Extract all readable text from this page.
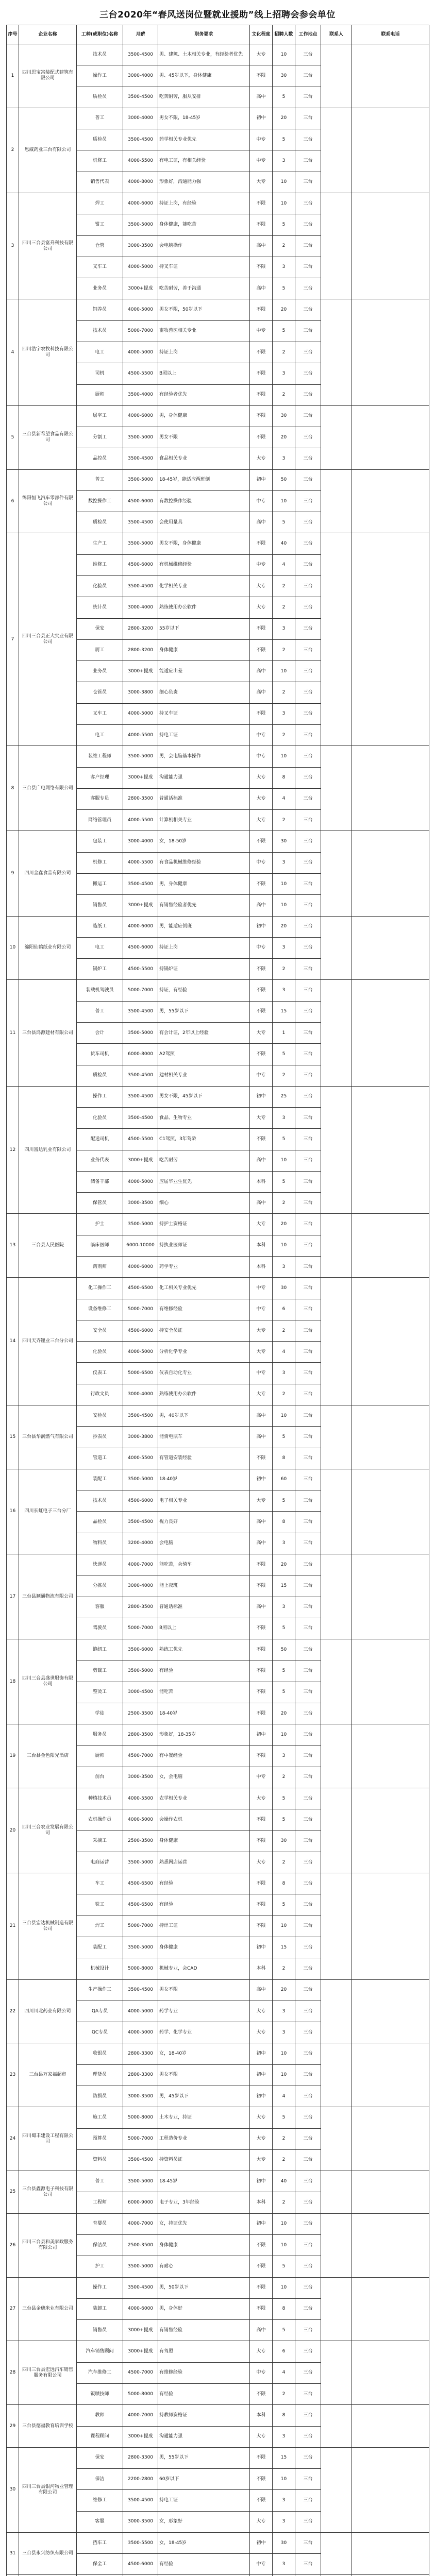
三台2020年“春风送岗位暨就业援助”线上招聘会参会单位
序号	企业名称	工种(或职位)名称	月薪	职务要求	文化程度	招聘人数	工作地点	联系人	联系电话
1	四川思宝富装配式建筑有限公司	技术员	3500-4500	男、建筑、土木相关专业，有经验者优先	大专	10	三台		
		操作工	3000-4000	男、45岁以下，身体健康	不限	30	三台		
		质检员	3500-4500	吃苦耐劳，服从安排	高中	5	三台		
2	恩威药业三台有限公司	普工	3000-4000	男女不限，18-45岁	初中	20	三台		
		质检员	3500-4500	药学相关专业优先	中专	5	三台		
		机修工	4000-5500	有电工证，有相关经验	中专	3	三台		
		销售代表	4000-8000	形象好，沟通能力强	大专	10	三台		
3	四川三台县富升科技有限公司	焊工	4000-6000	持证上岗，有经验	不限	10	三台		
		钳工	3500-5000	身体健康，能吃苦	不限	5	三台		
		仓管	3000-3500	会电脑操作	高中	2	三台		
		叉车工	4000-5000	持叉车证	不限	3	三台		
		业务员	3000+提成	吃苦耐劳，善于沟通	高中	5	三台		
4	四川浩宇农牧科技有限公司	饲养员	4000-5000	男女不限，50岁以下	不限	20	三台		
		技术员	5000-7000	畜牧兽医相关专业	中专	5	三台		
		电工	4000-5000	持证上岗	不限	2	三台		
		司机	4500-5500	B照以上	不限	3	三台		
		厨师	3500-4000	有经验者优先	不限	2	三台		
5	三台县新希望食品有限公司	屠宰工	4000-6000	男，身体健康	不限	30	三台		
		分割工	3500-5000	男女不限	不限	20	三台		
		品控员	3500-4500	食品相关专业	大专	3	三台		
6	绵阳恒飞汽车零部件有限公司	普工	3500-5000	18-45岁，能适应两班倒	初中	50	三台		
		数控操作工	4500-6000	有数控操作经验	中专	10	三台		
		质检员	3500-4500	会使用量具	高中	5	三台		
7	四川三台县正大实业有限公司	生产工	3500-5000	男女不限，身体健康	不限	40	三台		
		维修工	4500-6000	有机械维修经验	中专	4	三台		
		化验员	3500-4500	化学相关专业	大专	2	三台		
		统计员	3000-4000	熟练使用办公软件	大专	2	三台		
		保安	2800-3200	55岁以下	不限	3	三台		
		厨工	2800-3200	身体健康	不限	2	三台		
		业务员	3000+提成	能适应出差	高中	10	三台		
		仓管员	3000-3800	细心负责	高中	2	三台		
		叉车工	4000-5000	持叉车证	不限	3	三台		
		电工	4000-5500	持电工证	中专	2	三台		
8	三台县广电网络有限公司	装维工程师	3500-5000	男，会电脑基本操作	中专	10	三台		
		客户经理	3000+提成	沟通能力强	大专	8	三台		
		客服专员	2800-3500	普通话标准	大专	4	三台		
		网络管理员	4000-5500	计算机相关专业	大专	2	三台		
9	四川金鑫食品有限公司	包装工	3000-4000	女，18-50岁	不限	30	三台		
		机修工	4000-5500	有食品机械维修经验	中专	3	三台		
		搬运工	3500-4500	男，身体健康	不限	10	三台		
		销售员	3000+提成	有销售经验者优先	高中	10	三台		
10	绵阳仙鹤纸业有限公司	造纸工	4000-6000	男，能适应倒班	初中	20	三台		
		电工	4500-6000	持证上岗	中专	3	三台		
		锅炉工	4500-5500	持锅炉证	不限	2	三台		
11	三台县鸿源建材有限公司	装载机驾驶员	5000-7000	持证，有经验	不限	3	三台		
		普工	3500-4500	男，55岁以下	不限	15	三台		
		会计	3500-5000	有会计证，2年以上经验	大专	1	三台		
		货车司机	6000-8000	A2驾照	不限	5	三台		
		质检员	3500-4500	建材相关专业	中专	2	三台		
12	四川富达乳业有限公司	操作工	3500-4500	男女不限，45岁以下	初中	25	三台		
		化验员	3500-4500	食品、生物专业	大专	3	三台		
		配送司机	4500-5500	C1驾照，3年驾龄	不限	5	三台		
		业务代表	3000+提成	吃苦耐劳	高中	10	三台		
		储备干部	4000-5000	应届毕业生优先	本科	5	三台		
		保管员	3000-3500	细心	高中	2	三台		
13	三台县人民医院	护士	3500-5000	持护士资格证	大专	20	三台		
		临床医师	6000-10000	持执业医师证	本科	10	三台		
		药剂师	4000-6000	药学专业	本科	3	三台		
14	四川天齐锂业三台分公司	化工操作工	4500-6500	化工相关专业优先	中专	30	三台		
		设备维修工	5000-7000	有维修经验	中专	6	三台		
		安全员	4500-6000	持安全员证	大专	2	三台		
		化验员	4000-5000	分析化学专业	大专	4	三台		
		仪表工	5000-6500	仪表自动化专业	中专	3	三台		
		行政文员	3000-4000	熟练使用办公软件	大专	2	三台		
15	三台县华润燃气有限公司	安检员	3500-4500	男，40岁以下	高中	10	三台		
		抄表员	3000-3800	能骑电瓶车	高中	5	三台		
		管道工	4000-5500	有管道安装经验	不限	8	三台		
16	四川长虹电子三台分厂	装配工	3500-5000	18-40岁	初中	60	三台		
		技术员	4500-6000	电子相关专业	大专	5	三台		
		品检员	3500-4500	视力良好	高中	8	三台		
		物料员	3200-4000	会电脑	高中	3	三台		
17	三台县顺通物流有限公司	快递员	4000-7000	能吃苦，会骑车	不限	20	三台		
		分拣员	3000-4000	能上夜班	不限	15	三台		
		客服	2800-3500	普通话标准	高中	3	三台		
		驾驶员	5000-7000	B照以上	不限	5	三台		
18	四川三台县盛世服饰有限公司	缝纫工	3500-6000	熟练工优先	不限	50	三台		
		剪裁工	3500-5000	有经验	不限	5	三台		
		整烫工	3000-4500	能吃苦	不限	5	三台		
		学徒	2500-3500	18-40岁	不限	20	三台		
19	三台县金色阳光酒店	服务员	2800-3500	形象好，18-35岁	初中	10	三台		
		厨师	4500-7000	有中餐经验	不限	3	三台		
		前台	3000-3500	女，会电脑	中专	2	三台		
20	四川三台农业发展有限公司	种植技术员	4000-5500	农学相关专业	大专	5	三台		
		农机操作员	4000-5000	会操作农机	不限	5	三台		
		采摘工	2500-3500	身体健康	不限	30	三台		
		电商运营	3500-5000	熟悉网店运营	大专	2	三台		
21	三台县宏达机械制造有限公司	车工	4500-6500	有经验	不限	8	三台		
		铣工	4500-6500	有经验	不限	5	三台		
		焊工	5000-7000	持焊工证	不限	10	三台		
		装配工	3500-5000	身体健康	初中	15	三台		
		机械设计	5000-8000	机械专业，会CAD	本科	2	三台		
22	四川川北药业有限公司	生产操作工	3500-4500	男女不限	高中	20	三台		
		QA专员	4000-5000	药学专业	大专	3	三台		
		QC专员	4000-5000	药学、化学专业	大专	3	三台		
23	三台县万家福超市	收银员	2800-3300	女，18-40岁	初中	10	三台		
		理货员	2800-3300	男女不限	初中	10	三台		
		防损员	3000-3500	男，45岁以下	初中	4	三台		
24	四川蜀丰建设工程有限公司	施工员	5000-8000	土木专业，持证	大专	5	三台		
		预算员	5000-7000	工程造价专业	大专	2	三台		
		资料员	3500-4500	持资料员证	大专	2	三台		
25	三台县鑫源电子科技有限公司	普工	3500-5000	18-45岁	初中	40	三台		
		工程师	6000-9000	电子专业，3年经验	本科	2	三台		
26	四川三台县和美家政服务有限公司	育婴员	4000-7000	女，持证优先	初中	10	三台		
		保洁员	2500-3500	身体健康	不限	10	三台		
		护工	3500-5000	有耐心	不限	5	三台		
27	三台县金穗米业有限公司	操作工	3500-4500	男，50岁以下	不限	10	三台		
		装卸工	4000-6000	男，身体好	不限	8	三台		
		销售员	3000+提成	有销售经验	高中	5	三台		
28	四川三台县宏远汽车销售服务有限公司	汽车销售顾问	3000+提成	有驾照	大专	6	三台		
		汽车维修工	4500-7000	有维修经验	中专	4	三台		
		钣喷技师	5000-8000	有经验	不限	2	三台		
29	三台县德福教育培训学校	教师	4000-7000	持教师资格证	本科	8	三台		
		课程顾问	3000+提成	沟通能力强	大专	3	三台		
30	四川三台县银河物业管理有限公司	保安	2800-3300	男，55岁以下	不限	15	三台		
		保洁	2200-2800	60岁以下	不限	10	三台		
		维修工	3500-4500	持电工证	不限	3	三台		
		客服	3000-3500	女，形象好	大专	3	三台		
31	三台县永兴纺织有限公司	挡车工	3500-5500	女，18-45岁	初中	30	三台		
		保全工	4500-6000	有经验	中专	3	三台		
